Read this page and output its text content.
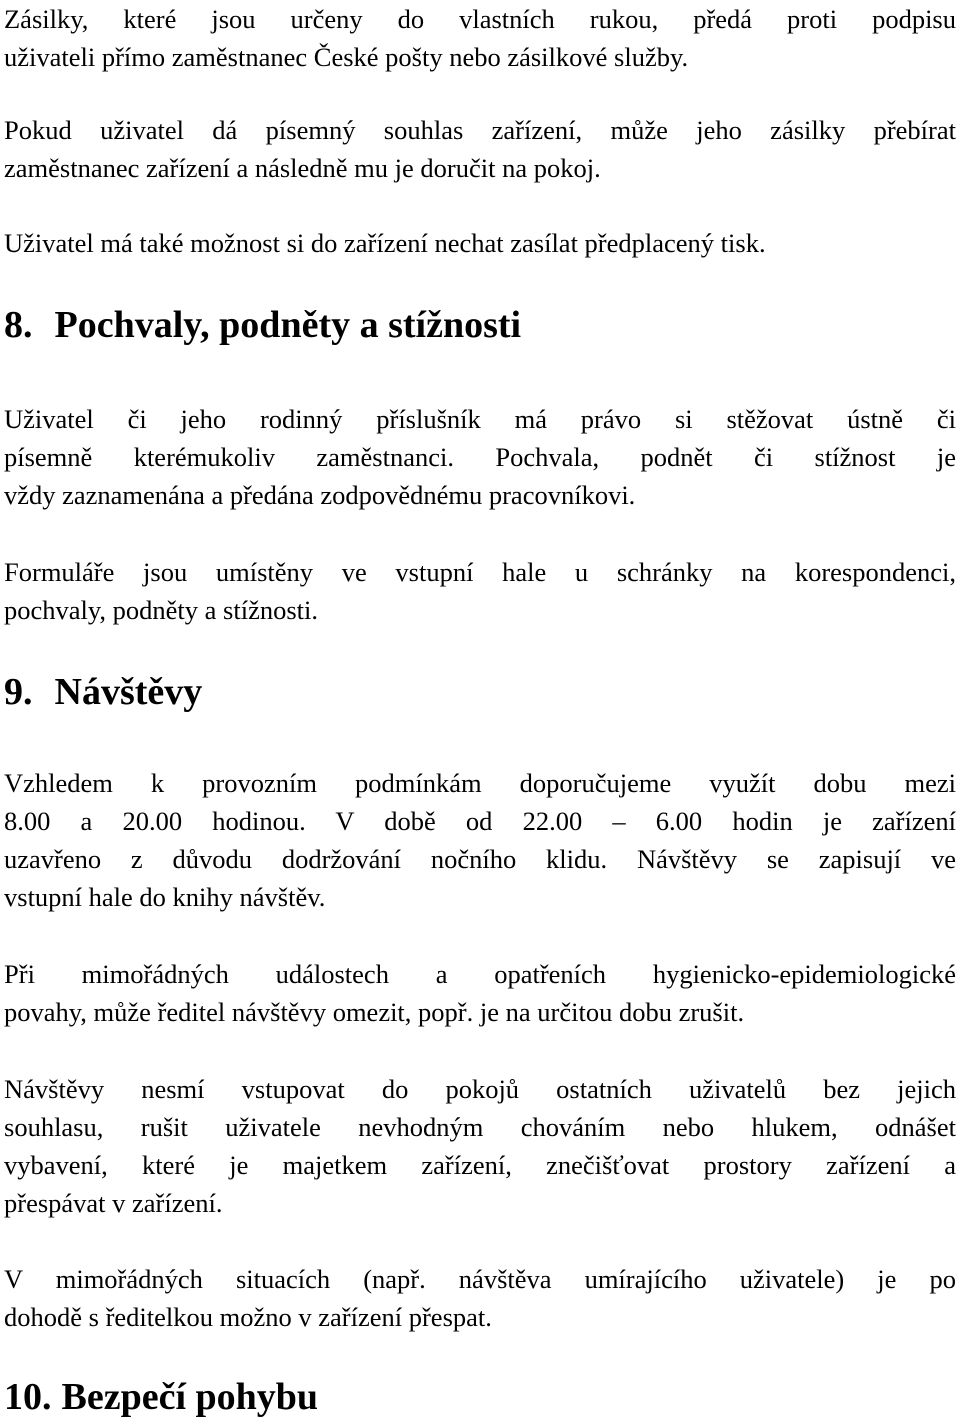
Zásilky, které jsou určeny do vlastních rukou, předá proti podpisu
uživateli přímo zaměstnanec České pošty nebo zásilkové služby.
Pokud uživatel dá písemný souhlas zařízení, může jeho zásilky přebírat
zaměstnanec zařízení a následně mu je doručit na pokoj.
Uživatel má také možnost si do zařízení nechat zasílat předplacený tisk.
8. Pochvaly, podněty a stížnosti
Uživatel či jeho rodinný příslušník má právo si stěžovat ústně či
písemně kterémukoliv zaměstnanci. Pochvala, podnět či stížnost je
vždy zaznamenána a předána zodpovědnému pracovníkovi.
Formuláře jsou umístěny ve vstupní hale u schránky na korespondenci,
pochvaly, podněty a stížnosti.
9. Návštěvy
Vzhledem k provozním podmínkám doporučujeme využít dobu mezi
8.00 a 20.00 hodinou. V době od 22.00 – 6.00 hodin je zařízení
uzavřeno z důvodu dodržování nočního klidu. Návštěvy se zapisují ve
vstupní hale do knihy návštěv.
Při mimořádných událostech a opatřeních hygienicko-epidemiologické
povahy, může ředitel návštěvy omezit, popř. je na určitou dobu zrušit.
Návštěvy nesmí vstupovat do pokojů ostatních uživatelů bez jejich
souhlasu, rušit uživatele nevhodným chováním nebo hlukem, odnášet
vybavení, které je majetkem zařízení, znečišťovat prostory zařízení a
přespávat v zařízení.
V mimořádných situacích (např. návštěva umírajícího uživatele) je po
dohodě s ředitelkou možno v zařízení přespat.
10. Bezpečí pohybu
